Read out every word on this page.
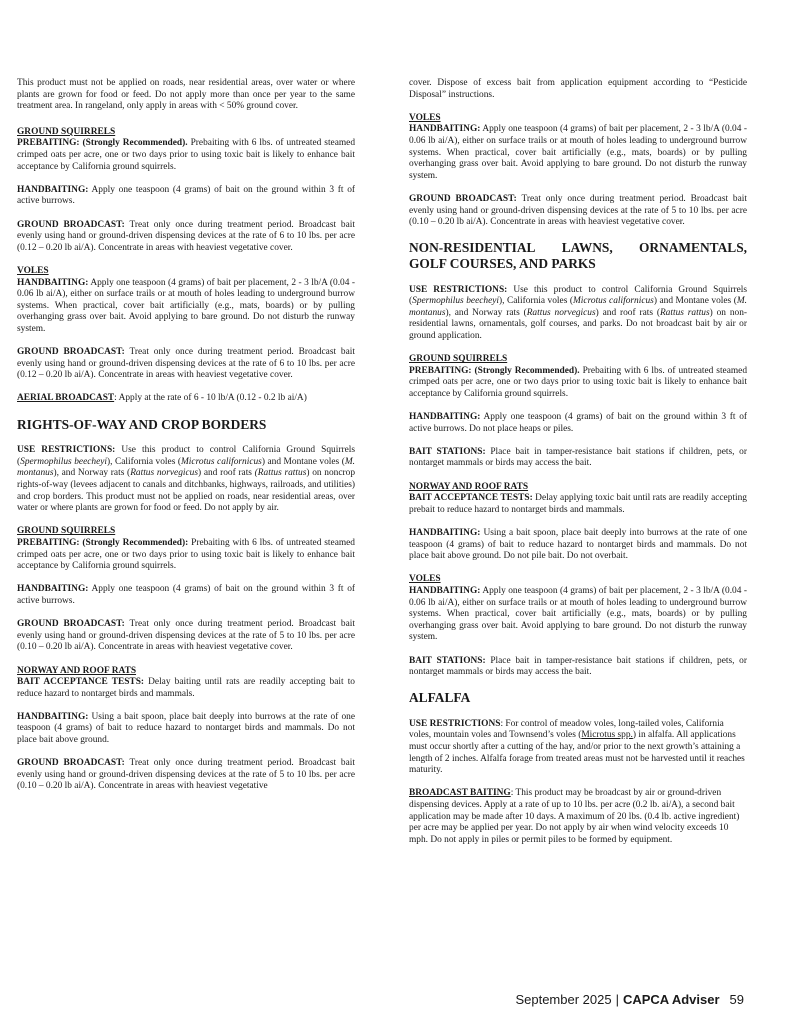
This product must not be applied on roads, near residential areas, over water or where plants are grown for food or feed. Do not apply more than once per year to the same treatment area. In rangeland, only apply in areas with < 50% ground cover.

GROUND SQUIRRELS

PREBAITING: (Strongly Recommended). Prebaiting with 6 lbs. of untreated steamed crimped oats per acre, one or two days prior to using toxic bait is likely to enhance bait acceptance by California ground squirrels.

HANDBAITING: Apply one teaspoon (4 grams) of bait on the ground within 3 ft of active burrows.

GROUND BROADCAST: Treat only once during treatment period. Broadcast bait evenly using hand or ground-driven dispensing devices at the rate of 6 to 10 lbs. per acre (0.12 – 0.20 lb ai/A). Concentrate in areas with heaviest vegetative cover.

VOLES

HANDBAITING: Apply one teaspoon (4 grams) of bait per placement, 2 - 3 lb/A (0.04 - 0.06 lb ai/A), either on surface trails or at mouth of holes leading to underground burrow systems. When practical, cover bait artificially (e.g., mats, boards) or by pulling overhanging grass over bait. Avoid applying to bare ground. Do not disturb the runway system.

GROUND BROADCAST: Treat only once during treatment period. Broadcast bait evenly using hand or ground-driven dispensing devices at the rate of 6 to 10 lbs. per acre (0.12 – 0.20 lb ai/A). Concentrate in areas with heaviest vegetative cover.

AERIAL BROADCAST: Apply at the rate of 6 - 10 lb/A (0.12 - 0.2 lb ai/A)

RIGHTS-OF-WAY AND CROP BORDERS

USE RESTRICTIONS: Use this product to control California Ground Squirrels (Spermophilus beecheyi), California voles (Microtus californicus) and Montane voles (M. montanus), and Norway rats (Rattus norvegicus) and roof rats (Rattus rattus) on noncrop rights-of-way (levees adjacent to canals and ditchbanks, highways, railroads, and utilities) and crop borders. This product must not be applied on roads, near residential areas, over water or where plants are grown for food or feed. Do not apply by air.

GROUND SQUIRRELS

PREBAITING: (Strongly Recommended): Prebaiting with 6 lbs. of untreated steamed crimped oats per acre, one or two days prior to using toxic bait is likely to enhance bait acceptance by California ground squirrels.

HANDBAITING: Apply one teaspoon (4 grams) of bait on the ground within 3 ft of active burrows.

GROUND BROADCAST: Treat only once during treatment period. Broadcast bait evenly using hand or ground-driven dispensing devices at the rate of 5 to 10 lbs. per acre (0.10 – 0.20 lb ai/A). Concentrate in areas with heaviest vegetative cover.

NORWAY AND ROOF RATS

BAIT ACCEPTANCE TESTS: Delay baiting until rats are readily accepting bait to reduce hazard to nontarget birds and mammals.

HANDBAITING: Using a bait spoon, place bait deeply into burrows at the rate of one teaspoon (4 grams) of bait to reduce hazard to nontarget birds and mammals. Do not place bait above ground.

GROUND BROADCAST: Treat only once during treatment period. Broadcast bait evenly using hand or ground-driven dispensing devices at the rate of 5 to 10 lbs. per acre (0.10 – 0.20 lb ai/A). Concentrate in areas with heaviest vegetative

cover. Dispose of excess bait from application equipment according to “Pesticide Disposal” instructions.

VOLES

HANDBAITING: Apply one teaspoon (4 grams) of bait per placement, 2 - 3 lb/A (0.04 - 0.06 lb ai/A), either on surface trails or at mouth of holes leading to underground burrow systems. When practical, cover bait artificially (e.g., mats, boards) or by pulling overhanging grass over bait. Avoid applying to bare ground. Do not disturb the runway system.

GROUND BROADCAST: Treat only once during treatment period. Broadcast bait evenly using hand or ground-driven dispensing devices at the rate of 5 to 10 lbs. per acre (0.10 – 0.20 lb ai/A). Concentrate in areas with heaviest vegetative cover.

NON-RESIDENTIAL LAWNS, ORNAMENTALS,
GOLF COURSES, AND PARKS

USE RESTRICTIONS: Use this product to control California Ground Squirrels (Spermophilus beecheyi), California voles (Microtus californicus) and Montane voles (M. montanus), and Norway rats (Rattus norvegicus) and roof rats (Rattus rattus) on non-residential lawns, ornamentals, golf courses, and parks. Do not broadcast bait by air or ground application.

GROUND SQUIRRELS

PREBAITING: (Strongly Recommended). Prebaiting with 6 lbs. of untreated steamed crimped oats per acre, one or two days prior to using toxic bait is likely to enhance bait acceptance by California ground squirrels.

HANDBAITING: Apply one teaspoon (4 grams) of bait on the ground within 3 ft of active burrows. Do not place heaps or piles.

BAIT STATIONS: Place bait in tamper-resistance bait stations if children, pets, or nontarget mammals or birds may access the bait.

NORWAY AND ROOF RATS

BAIT ACCEPTANCE TESTS: Delay applying toxic bait until rats are readily accepting prebait to reduce hazard to nontarget birds and mammals.

HANDBAITING: Using a bait spoon, place bait deeply into burrows at the rate of one teaspoon (4 grams) of bait to reduce hazard to nontarget birds and mammals. Do not place bait above ground. Do not pile bait. Do not overbait.

VOLES

HANDBAITING: Apply one teaspoon (4 grams) of bait per placement, 2 - 3 lb/A (0.04 - 0.06 lb ai/A), either on surface trails or at mouth of holes leading to underground burrow systems. When practical, cover bait artificially (e.g., mats, boards) or by pulling overhanging grass over bait. Avoid applying to bare ground. Do not disturb the runway system.

BAIT STATIONS: Place bait in tamper-resistance bait stations if children, pets, or nontarget mammals or birds may access the bait.

ALFALFA

USE RESTRICTIONS: For control of meadow voles, long-tailed voles, California voles, mountain voles and Townsend’s voles (Microtus spp.) in alfalfa. All applications must occur shortly after a cutting of the hay, and/or prior to the next growth’s attaining a length of 2 inches. Alfalfa forage from treated areas must not be harvested until it reaches maturity.

BROADCAST BAITING: This product may be broadcast by air or ground-driven dispensing devices. Apply at a rate of up to 10 lbs. per acre (0.2 lb. ai/A), a second bait application may be made after 10 days. A maximum of 20 lbs. (0.4 lb. active ingredient) per acre may be applied per year. Do not apply by air when wind velocity exceeds 10 mph. Do not apply in piles or permit piles to be formed by equipment.

September 2025 | CAPCA Adviser 59
